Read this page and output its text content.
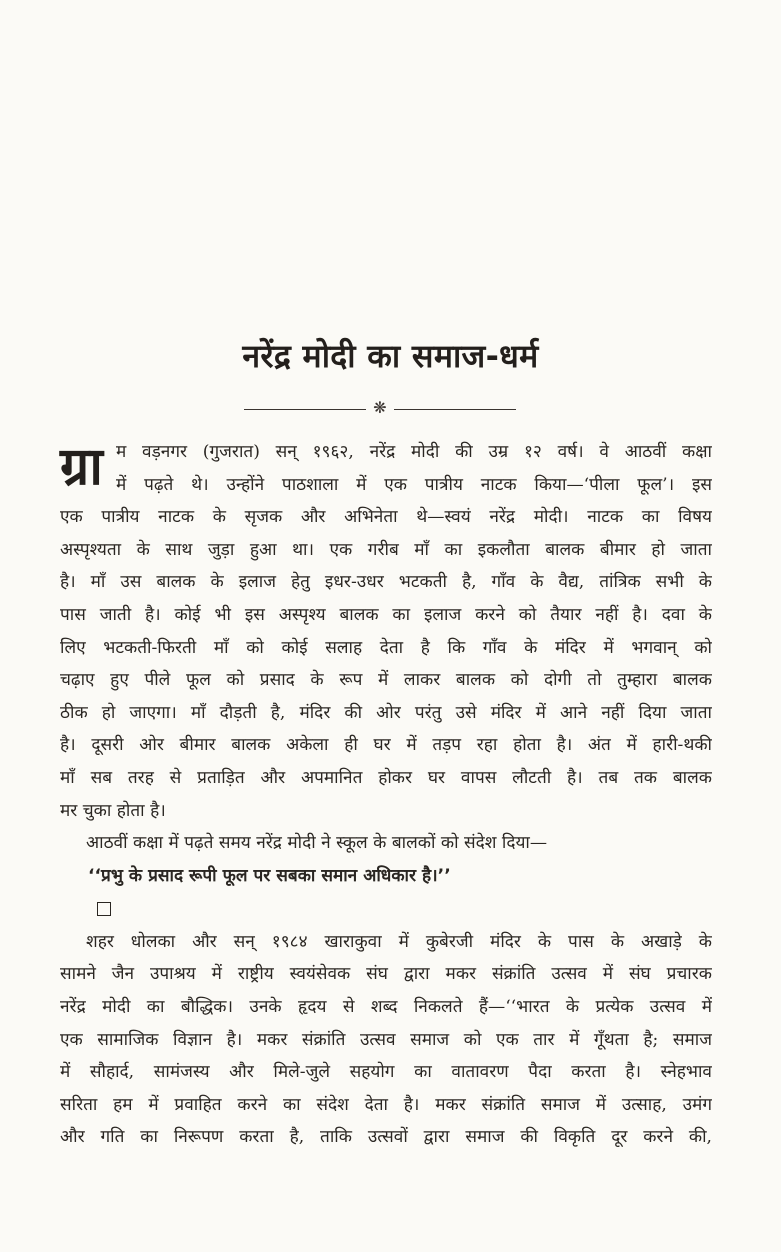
नरेंद्र मोदी का समाज-धर्म
❋
ग्रा म वड़नगर (गुजरात) सन् १९६२, नरेंद्र मोदी की उम्र १२ वर्ष। वे आठवीं कक्षा
में पढ़ते थे। उन्होंने पाठशाला में एक पात्रीय नाटक किया—‘पीला फूल’। इस
एक पात्रीय नाटक के सृजक और अभिनेता थे—स्वयं नरेंद्र मोदी। नाटक का विषय
अस्पृश्यता के साथ जुड़ा हुआ था। एक गरीब माँ का इकलौता बालक बीमार हो जाता
है। माँ उस बालक के इलाज हेतु इधर-उधर भटकती है, गाँव के वैद्य, तांत्रिक सभी के
पास जाती है। कोई भी इस अस्पृश्य बालक का इलाज करने को तैयार नहीं है। दवा के
लिए भटकती-फिरती माँ को कोई सलाह देता है कि गाँव के मंदिर में भगवान् को
चढ़ाए हुए पीले फूल को प्रसाद के रूप में लाकर बालक को दोगी तो तुम्हारा बालक
ठीक हो जाएगा। माँ दौड़ती है, मंदिर की ओर परंतु उसे मंदिर में आने नहीं दिया जाता
है। दूसरी ओर बीमार बालक अकेला ही घर में तड़प रहा होता है। अंत में हारी-थकी
माँ सब तरह से प्रताड़ित और अपमानित होकर घर वापस लौटती है। तब तक बालक
मर चुका होता है।
आठवीं कक्षा में पढ़ते समय नरेंद्र मोदी ने स्कूल के बालकों को संदेश दिया—
‘‘प्रभु के प्रसाद रूपी फूल पर सबका समान अधिकार है।’’
शहर धोलका और सन् १९८४ खाराकुवा में कुबेरजी मंदिर के पास के अखाड़े के
सामने जैन उपाश्रय में राष्ट्रीय स्वयंसेवक संघ द्वारा मकर संक्रांति उत्सव में संघ प्रचारक
नरेंद्र मोदी का बौद्धिक। उनके हृदय से शब्द निकलते हैं—‘‘भारत के प्रत्येक उत्सव में
एक सामाजिक विज्ञान है। मकर संक्रांति उत्सव समाज को एक तार में गूँथता है; समाज
में सौहार्द, सामंजस्य और मिले-जुले सहयोग का वातावरण पैदा करता है। स्नेहभाव
सरिता हम में प्रवाहित करने का संदेश देता है। मकर संक्रांति समाज में उत्साह, उमंग
और गति का निरूपण करता है, ताकि उत्सवों द्वारा समाज की विकृति दूर करने की,
